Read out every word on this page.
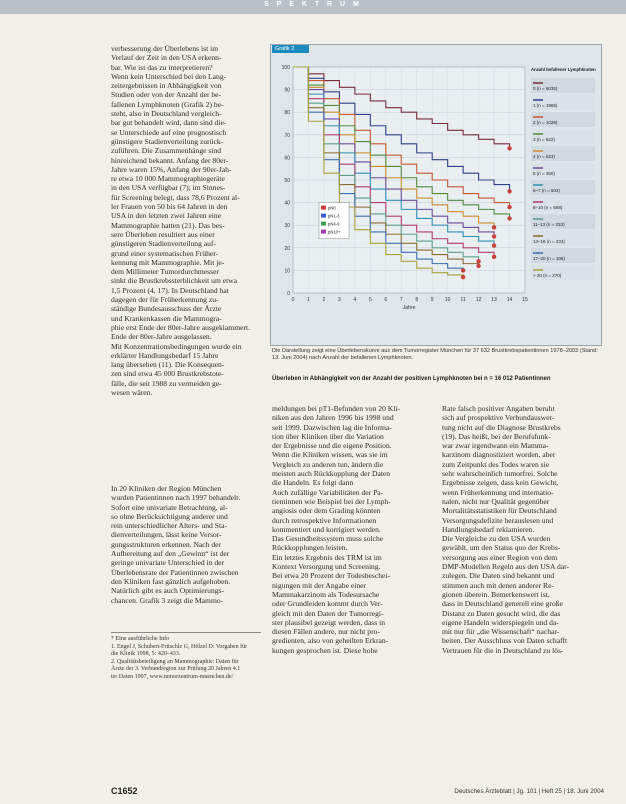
S P E K T R U M
verbesserung der Überlebens ist im
Verlauf der Zeit in den USA erkenn-
bar. Wie ist das zu interpretieren?
Wenn kein Unterschied bei den Lang-
zeitergebnissen in Abhängigkeit von
Studien oder von der Anzahl der be-
fallenen Lymphknoten (Grafik 2) be-
steht, also in Deutschland vergleich-
bar gut behandelt wird, dann sind die-
se Unterschiede auf eine prognostisch
günstigere Stadienverteilung zurück-
zuführen. Die Zusammenhänge sind
hinreichend bekannt. Anfang der 80er-
Jahre waren 15%, Anfang der 90er-Jah-
re etwa 10 000 Mammographiegeräte
in den USA verfügbar (7); im Sinnes-
für Screening belegt, dass 78,6 Prozent al-
ler Frauen von 50 bis 64 Jahren in den
USA in den letzten zwei Jahren eine
Mammographie hatten (21). Das bes-
sere Überleben resultiert aus einer
günstigeren Stadienverteilung auf-
grund einer systematischen Früher-
kennung mit Mammographie. Mit je-
dem Millimeter Tumordurchmesser
sinkt die Brustkrebssterblichkeit um etwa
1,5 Prozent (4, 17). In Deutschland hat
dagegen der für Früherkennung zu-
ständige Bundesausschuss der Ärzte
und Krankenkassen die Mammogra-
phie erst Ende der 80er-Jahre ausgeklammert.
Ende der 80er-Jahre ausgelassen.
Mit Konzentrationsbedingungen wurde ein
erklärter Handlungsbedarf 15 Jahre
lang übersehen (11). Die Konsequen-
zen sind etwa 45 000 Brustkrebstote-
fälle, die seit 1988 zu vermeiden ge-
wesen wären.
In 20 Kliniken der Region München
wurden Patientinnen nach 1997 behandelt.
Sofort eine univariate Betrachtung, al-
so ohne Berücksichtigung anderer und
rein unterschiedlicher Alters- und Sta-
dienverteilungen, lässt keine Versor-
gungsstrukturen erkennen. Nach der
Aufbereitung auf den „Gewinn“ ist der
geringe univariate Unterschied in der
Überlebensrate der Patientinnen zwischen
den Kliniken fast gänzlich aufgehoben.
Natürlich gibt es auch Optimierungs-
chancen. Grafik 3 zeigt die Mammo-
meldungen bei pT1-Befunden von 20 Kli-
niken aus den Jahren 1996 bis 1998 und
seit 1999. Dazwischen lag die Informa-
tion über Kliniken über die Variation
der Ergebnisse und die eigene Position.
Wenn die Kliniken wissen, was sie im
Vergleich zu anderen tun, ändern die
meisten auch Rückkopplung der Daten
die Handeln. Es folgt dann
Auch zufällige Variabilitäten der Pa-
tientinnen wie Beispiel bei der Lymph-
angiosis oder dem Grading könnten
durch retrospektive Informationen
kommentiert und korrigiert werden.
Das Gesundheitssystem muss solche
Rückkopplungen leisten.
Ein letztes Ergebnis des TRM ist im
Kontext Versorgung und Screening.
Bei etwa 20 Prozent der Todesbeschei-
nigungen mit der Angabe einer
Mammakarzinom als Todesursache
oder Grundleiden kommt durch Ver-
gleich mit den Daten der Tumorregi-
ster plausibel gezeigt werden, dass in
diesen Fällen andere, nur nicht pro-
gredienten, also von geheilten Erkran-
kungen gesprochen ist. Diese hohe
Rate falsch positiver Angaben beruht
sich auf prospektive Verbundauswer-
tung nicht auf die Diagnose Brustkrebs
(19). Das heißt, bei der Berufsfunk-
war zwar irgendwann ein Mamma-
karzinom diagnostiziert worden, aber
zum Zeitpunkt des Todes waren sie
sehr wahrscheinlich tumorfrei. Solche
Ergebnisse zeigen, dass kein Gewicht,
wenn Früherkennung und internatio-
nalen, nicht nur Qualität gegenüber
Mortalitätsstatistiken für Deutschland
Versorgungsdefizite herauslesen und
Handlungsbedarf reklamieren.
Die Vergleiche zu den USA wurden
gewählt, um den Status quo der Krebs-
versorgung aus einer Region von dem
DMP-Modellen Regeln aus den USA dar-
zulegen. Die Daten sind bekannt und
stimmen auch mit denen anderer Re-
gionen überein. Bemerkenswert ist,
dass in Deutschland generell eine große
Distanz zu Daten gesucht wird, die das
eigene Handeln widerspiegeln und da-
mit nur für „die Wissenschaft“ nachar-
beiten. Der Ausschluss von Daten schafft
Vertrauen für die in Deutschland zu lös-
0
10
20
30
40
50
60
70
80
90
100
0	1	2	3	4	5	6	7	8	9 10 11 12 13 14 15
Jahre
pN0
pN1-3
pN4-9
pN10+
Anzahl befallener Lymphknoten
0 (n = 6035)
1 (n = 1968)
2 (n = 1028)
3 (n = 622)
4 (n = 523)
5 (n = 360)
6–7 (n = 503)
8–10 (n = 568)
11–13 (n = 333)
14–16 (n = 234)
17–20 (n = 186)
> 20 (n = 270)
Grafik 2
Die Darstellung zeigt eine Überlebenskurve aus dem Tumorregister München für 37 632 Brustkrebspatientinnen 1978–2003 (Stand: 13. Juni 2004) nach Anzahl der befallenen Lymphknoten.
Überleben in Abhängigkeit von der Anzahl der positiven Lymphknoten bei n = 16 012 Patientinnen
* Eine ausführliche Info
1. Engel J, Schubert-Fritschle G, Hölzel D: Vorgaben für
die Klinik 1998, 5: 420–433.
2. Qualitätsbeteiligung an Mammographie: Daten für
Ärzte der 3. Verbundregion zur Prüfung 20 Jahren 4.1
ter Daten 1997, www.tumorzentrum-muenchen.de/
C1652	Deutsches Ärzteblatt | Jg. 101 | Heft 25 | 18. Juni 2004
